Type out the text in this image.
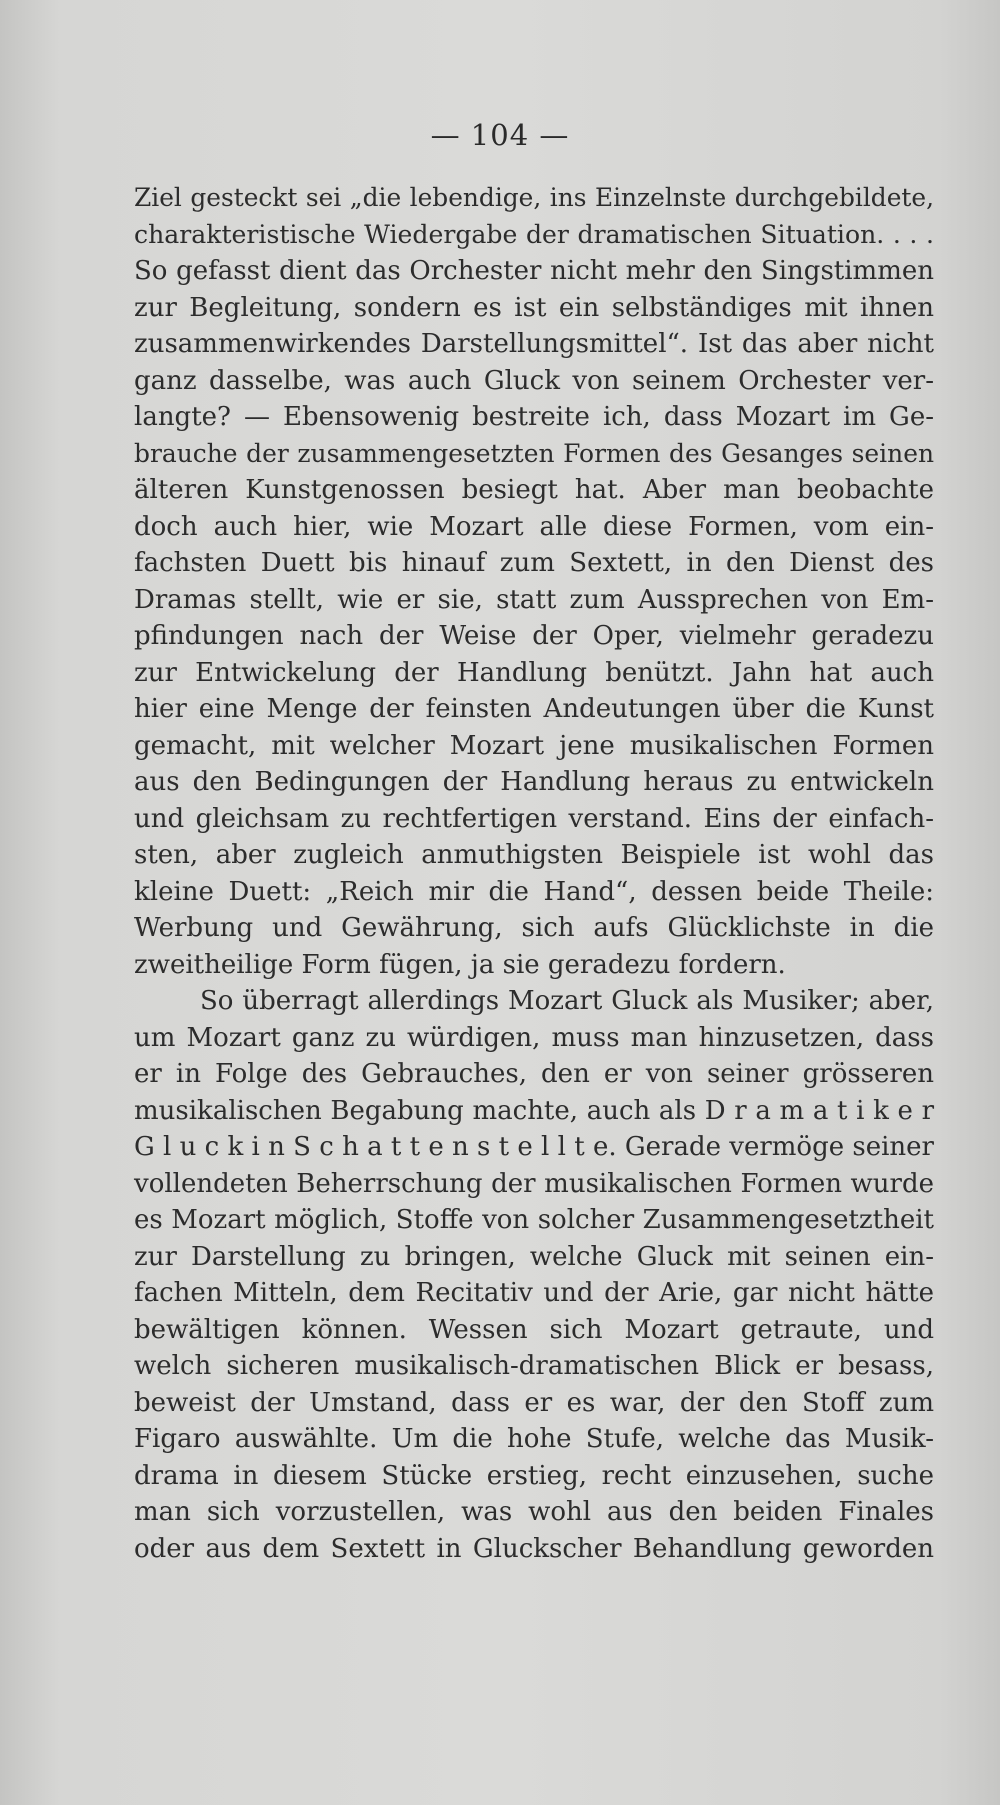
— 104 —
Ziel gesteckt sei „die lebendige, ins Einzelnste durchgebildete,
charakteristische Wiedergabe der dramatischen Situation. . . .
So gefasst dient das Orchester nicht mehr den Singstimmen
zur Begleitung, sondern es ist ein selbständiges mit ihnen
zusammenwirkendes Darstellungsmittel“. Ist das aber nicht
ganz dasselbe, was auch Gluck von seinem Orchester ver-
langte? — Ebensowenig bestreite ich, dass Mozart im Ge-
brauche der zusammengesetzten Formen des Gesanges seinen
älteren Kunstgenossen besiegt hat. Aber man beobachte
doch auch hier, wie Mozart alle diese Formen, vom ein-
fachsten Duett bis hinauf zum Sextett, in den Dienst des
Dramas stellt, wie er sie, statt zum Aussprechen von Em-
pfindungen nach der Weise der Oper, vielmehr geradezu
zur Entwickelung der Handlung benützt. Jahn hat auch
hier eine Menge der feinsten Andeutungen über die Kunst
gemacht, mit welcher Mozart jene musikalischen Formen
aus den Bedingungen der Handlung heraus zu entwickeln
und gleichsam zu rechtfertigen verstand. Eins der einfach-
sten, aber zugleich anmuthigsten Beispiele ist wohl das
kleine Duett: „Reich mir die Hand“, dessen beide Theile:
Werbung und Gewährung, sich aufs Glücklichste in die
zweitheilige Form fügen, ja sie geradezu fordern.
So überragt allerdings Mozart Gluck als Musiker; aber,
um Mozart ganz zu würdigen, muss man hinzusetzen, dass
er in Folge des Gebrauches, den er von seiner grösseren
musikalischen Begabung machte, auch als D r a m a t i k e r
G l u c k i n S c h a t t e n s t e l l t e. Gerade vermöge seiner
vollendeten Beherrschung der musikalischen Formen wurde
es Mozart möglich, Stoffe von solcher Zusammengesetztheit
zur Darstellung zu bringen, welche Gluck mit seinen ein-
fachen Mitteln, dem Recitativ und der Arie, gar nicht hätte
bewältigen können. Wessen sich Mozart getraute, und
welch sicheren musikalisch-dramatischen Blick er besass,
beweist der Umstand, dass er es war, der den Stoff zum
Figaro auswählte. Um die hohe Stufe, welche das Musik-
drama in diesem Stücke erstieg, recht einzusehen, suche
man sich vorzustellen, was wohl aus den beiden Finales
oder aus dem Sextett in Gluckscher Behandlung geworden
